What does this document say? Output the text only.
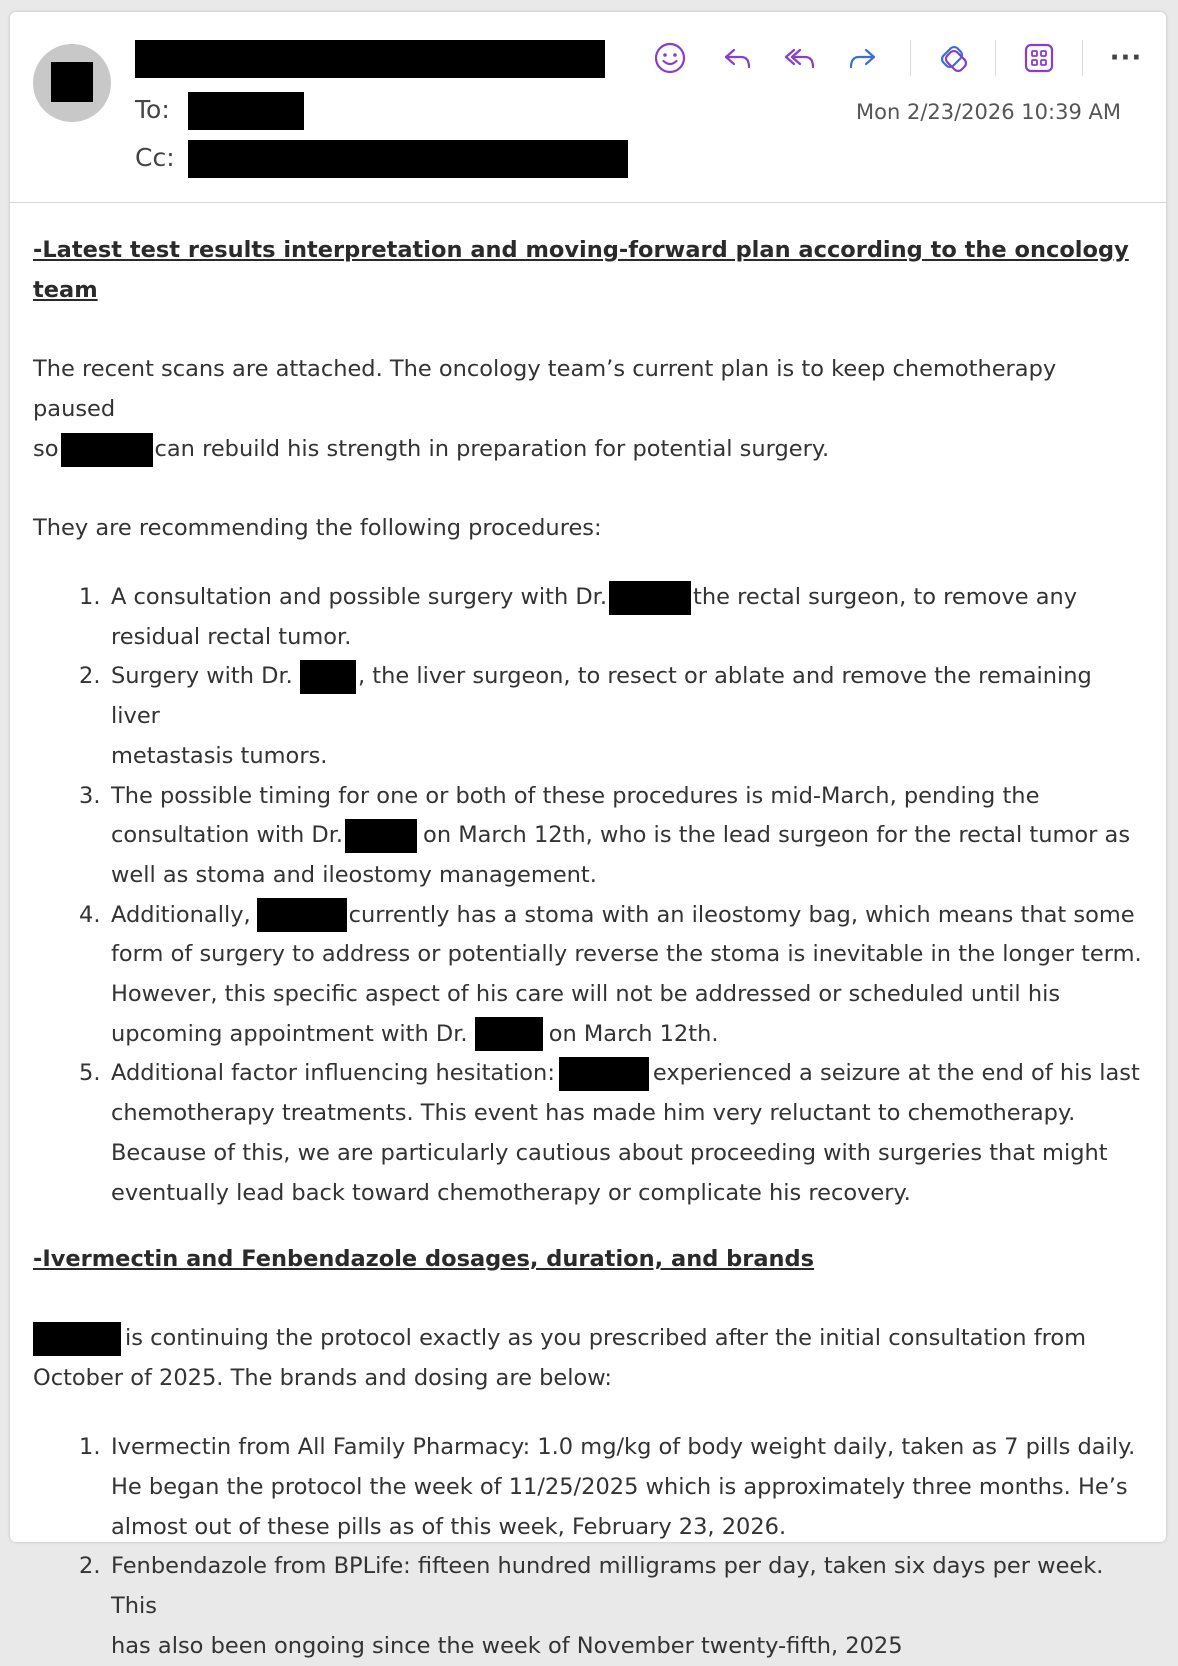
To:
Cc:
···
Mon 2/23/2026 10:39 AM

-Latest test results interpretation and moving-forward plan according to the oncology team

The recent scans are attached. The oncology team’s current plan is to keep chemotherapy paused
so	can rebuild his strength in preparation for potential surgery.

They are recommending the following procedures:

1. A consultation and possible surgery with Dr.	the rectal surgeon, to remove any
residual rectal tumor.
2. Surgery with Dr.	, the liver surgeon, to resect or ablate and remove the remaining liver
metastasis tumors.
3. The possible timing for one or both of these procedures is mid-March, pending the
consultation with Dr.	on March 12th, who is the lead surgeon for the rectal tumor as
well as stoma and ileostomy management.
4. Additionally,	currently has a stoma with an ileostomy bag, which means that some
form of surgery to address or potentially reverse the stoma is inevitable in the longer term.
However, this specific aspect of his care will not be addressed or scheduled until his
upcoming appointment with Dr.	on March 12th.
5. Additional factor influencing hesitation:	experienced a seizure at the end of his last
chemotherapy treatments. This event has made him very reluctant to chemotherapy.
Because of this, we are particularly cautious about proceeding with surgeries that might
eventually lead back toward chemotherapy or complicate his recovery.

-Ivermectin and Fenbendazole dosages, duration, and brands

is continuing the protocol exactly as you prescribed after the initial consultation from
October of 2025. The brands and dosing are below:

1. Ivermectin from All Family Pharmacy: 1.0 mg/kg of body weight daily, taken as 7 pills daily.
He began the protocol the week of 11/25/2025 which is approximately three months. He’s
almost out of these pills as of this week, February 23, 2026.
2. Fenbendazole from BPLife: fifteen hundred milligrams per day, taken six days per week. This
has also been ongoing since the week of November twenty-fifth, 2025
